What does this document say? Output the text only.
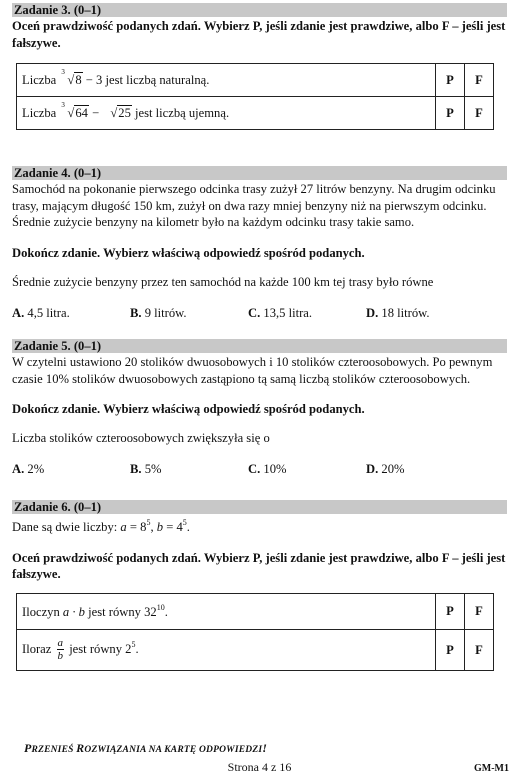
Zadanie 3. (0–1)

Oceń prawdziwość podanych zdań. Wybierz P, jeśli zdanie jest prawdziwe, albo F – jeśli jest fałszywe.

Liczba
3
√8 − 3 jest liczbą naturalną.	P	F
Liczba
3
√64 − √25 jest liczbą ujemną.	P	F
Zadanie 4. (0–1)

Samochód na pokonanie pierwszego odcinka trasy zużył 27 litrów benzyny. Na drugim odcinku trasy, mającym długość 150 km, zużył on dwa razy mniej benzyny niż na pierwszym odcinku. Średnie zużycie benzyny na kilometr było na każdym odcinku trasy takie samo.

Dokończ zdanie. Wybierz właściwą odpowiedź spośród podanych.

Średnie zużycie benzyny przez ten samochód na każde 100 km tej trasy było równe

A. 4,5 litra.	B. 9 litrów.	C. 13,5 litra.	D. 18 litrów.
Zadanie 5. (0–1)

W czytelni ustawiono 20 stolików dwuosobowych i 10 stolików czteroosobowych. Po pewnym czasie 10% stolików dwuosobowych zastąpiono tą samą liczbą stolików czteroosobowych.

Dokończ zdanie. Wybierz właściwą odpowiedź spośród podanych.

Liczba stolików czteroosobowych zwiększyła się o

A. 2%	B. 5%	C. 10%	D. 20%
Zadanie 6. (0–1)

Dane są dwie liczby: $a = 8^5$, $b = 4^5$.

Oceń prawdziwość podanych zdań. Wybierz P, jeśli zdanie jest prawdziwe, albo F – jeśli jest fałszywe.

Iloczyn a · b jest równy $32^{10}$.	P	F
Iloraz $\frac{a}{b}$ jest równy $2^5$.	P	F
PRZENIEŚ ROZWIĄZANIA NA KARTĘ ODPOWIEDZI!
Strona 4 z 16	GM-M1
